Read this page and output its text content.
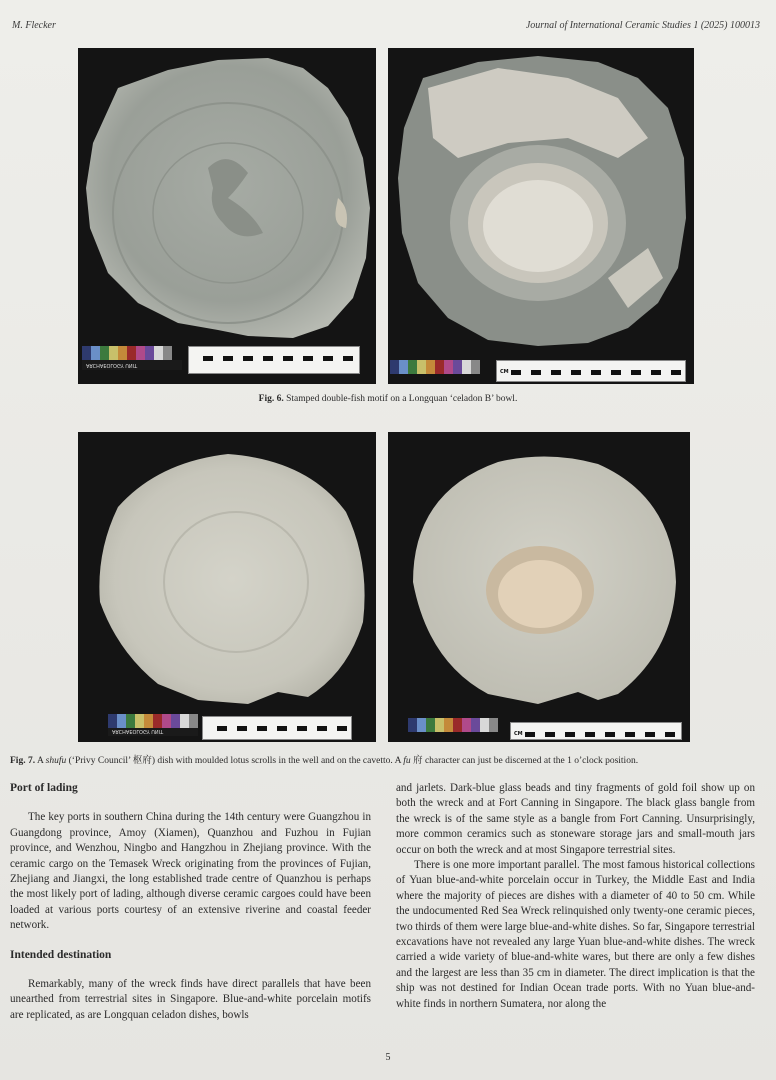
M. Flecker	Journal of International Ceramic Studies 1 (2025) 100013
ARCHAEOLOGY UNIT
CM
Fig. 6. Stamped double-fish motif on a Longquan ‘celadon B’ bowl.
ARCHAEOLOGY UNIT	CM
Fig. 7. A shufu (‘Privy Council’ 枢府) dish with moulded lotus scrolls in the well and on the cavetto. A fu 府 character can just be discerned at the 1 o’clock position.
Port of lading

The key ports in southern China during the 14th century were Guangzhou in Guangdong province, Amoy (Xiamen), Quanzhou and Fuzhou in Fujian province, and Wenzhou, Ningbo and Hangzhou in Zhejiang province. With the ceramic cargo on the Temasek Wreck originating from the provinces of Fujian, Zhejiang and Jiangxi, the long established trade centre of Quanzhou is perhaps the most likely port of lading, although diverse ceramic cargoes could have been loaded at various ports courtesy of an extensive riverine and coastal feeder network.

Intended destination

Remarkably, many of the wreck finds have direct parallels that have been unearthed from terrestrial sites in Singapore. Blue-and-white porcelain motifs are replicated, as are Longquan celadon dishes, bowls

and jarlets. Dark-blue glass beads and tiny fragments of gold foil show up on both the wreck and at Fort Canning in Singapore. The black glass bangle from the wreck is of the same style as a bangle from Fort Canning. Unsurprisingly, more common ceramics such as stoneware storage jars and small-mouth jars occur on both the wreck and at most Singapore terrestrial sites.

There is one more important parallel. The most famous historical collections of Yuan blue-and-white porcelain occur in Turkey, the Middle East and India where the majority of pieces are dishes with a diameter of 40 to 50 cm. While the undocumented Red Sea Wreck relinquished only twenty-one ceramic pieces, two thirds of them were large blue-and-white dishes. So far, Singapore terrestrial excavations have not revealed any large Yuan blue-and-white dishes. The wreck carried a wide variety of blue-and-white wares, but there are only a few dishes and the largest are less than 35 cm in diameter. The direct implication is that the ship was not destined for Indian Ocean trade ports. With no Yuan blue-and-white finds in northern Sumatera, nor along the

5
